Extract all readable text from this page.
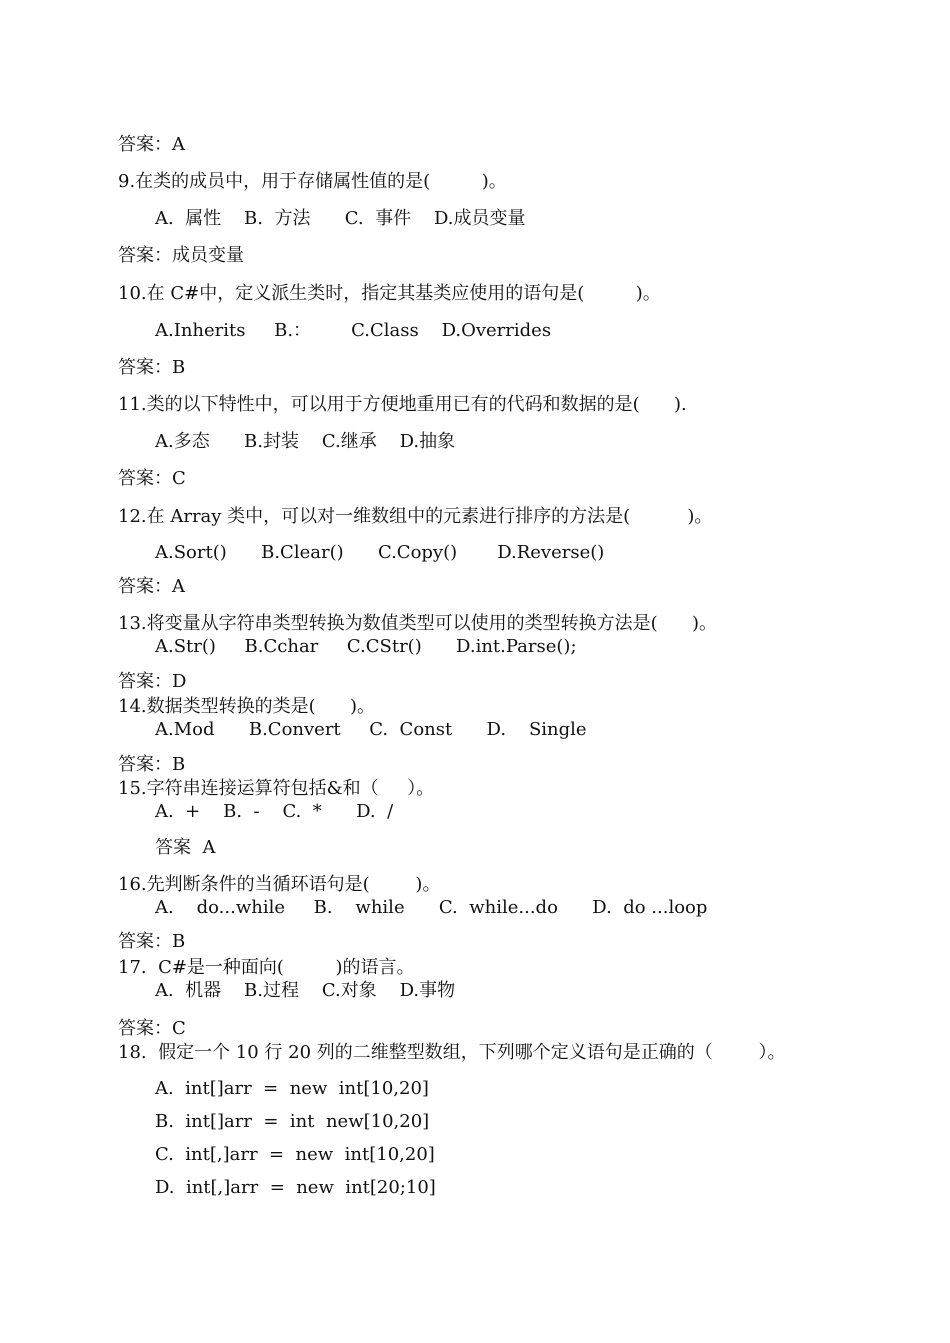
答案：A
9.在类的成员中，用于存储属性值的是(         )。
A.  属性    B.  方法      C.  事件    D.成员变量
答案：成员变量
10.在 C#中，定义派生类时，指定其基类应使用的语句是(         )。
A.Inherits     B.：       C.Class    D.Overrides
答案：B
11.类的以下特性中，可以用于方便地重用已有的代码和数据的是(      ).
A.多态      B.封装    C.继承    D.抽象
答案：C
12.在 Array 类中，可以对一维数组中的元素进行排序的方法是(          )。
A.Sort()      B.Clear()      C.Copy()       D.Reverse()
答案：A
13.将变量从字符串类型转换为数值类型可以使用的类型转换方法是(      )。
A.Str()     B.Cchar     C.CStr()      D.int.Parse();
答案：D
14.数据类型转换的类是(      )。
A.Mod      B.Convert     C.  Const      D.    Single
答案：B
15.字符串连接运算符包括&和（     ）。
A.  +    B.  -    C.  *      D.  /
答案  A
16.先判断条件的当循环语句是(        )。
A.    do...while     B.    while      C.  while...do      D.  do ...loop
答案：B
17.  C#是一种面向(         )的语言。
A.  机器    B.过程    C.对象    D.事物
答案：C
18.  假定一个 10 行 20 列的二维整型数组，下列哪个定义语句是正确的（        ）。
A.  int[]arr  =  new  int[10,20]
B.  int[]arr  =  int  new[10,20]
C.  int[,]arr  =  new  int[10,20]
D.  int[,]arr  =  new  int[20;10]
